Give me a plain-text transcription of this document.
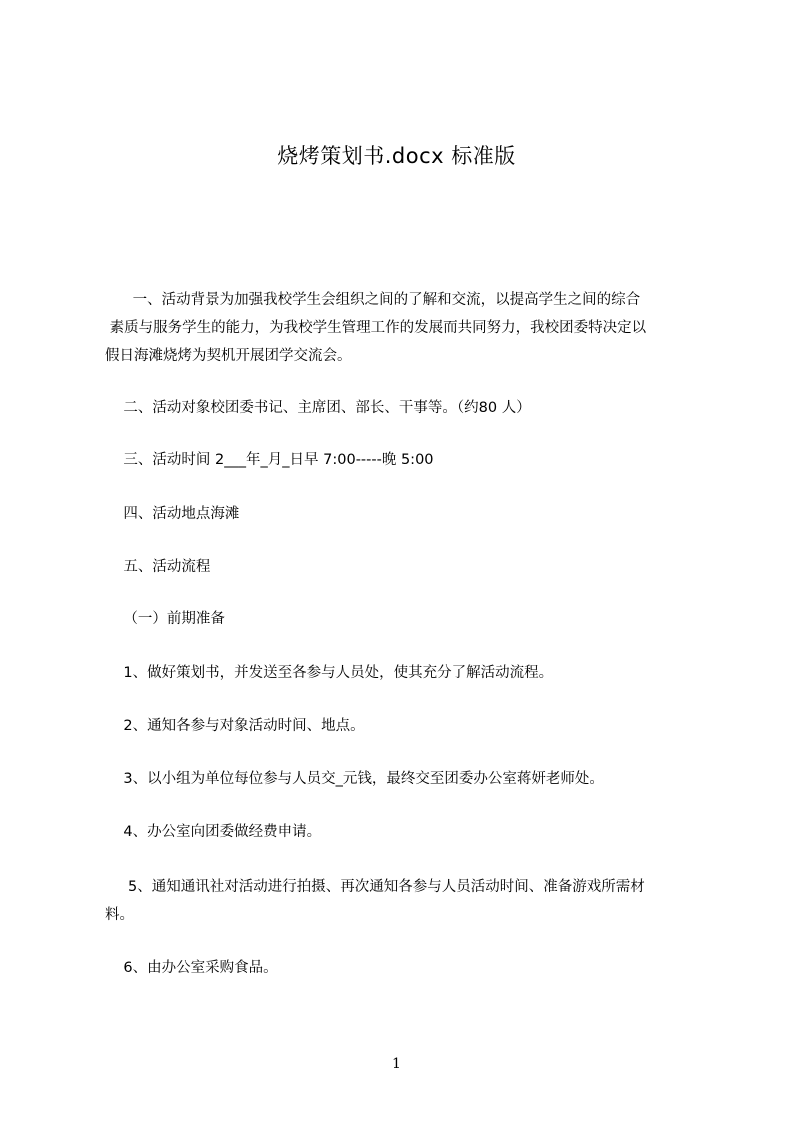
烧烤策划书.docx 标准版
一、活动背景为加强我校学生会组织之间的了解和交流，以提高学生之间的综合
素质与服务学生的能力，为我校学生管理工作的发展而共同努力，我校团委特决定以
假日海滩烧烤为契机开展团学交流会。
二、活动对象校团委书记、主席团、部长、干事等。（约80 人）
三、活动时间 2___年_月_日早 7:00-----晚 5:00
四、活动地点海滩
五、活动流程
（一）前期准备
1、做好策划书，并发送至各参与人员处，使其充分了解活动流程。
2、通知各参与对象活动时间、地点。
3、以小组为单位每位参与人员交_元钱，最终交至团委办公室蒋妍老师处。
4、办公室向团委做经费申请。
5、通知通讯社对活动进行拍摄、再次通知各参与人员活动时间、准备游戏所需材
料。
6、由办公室采购食品。
1
